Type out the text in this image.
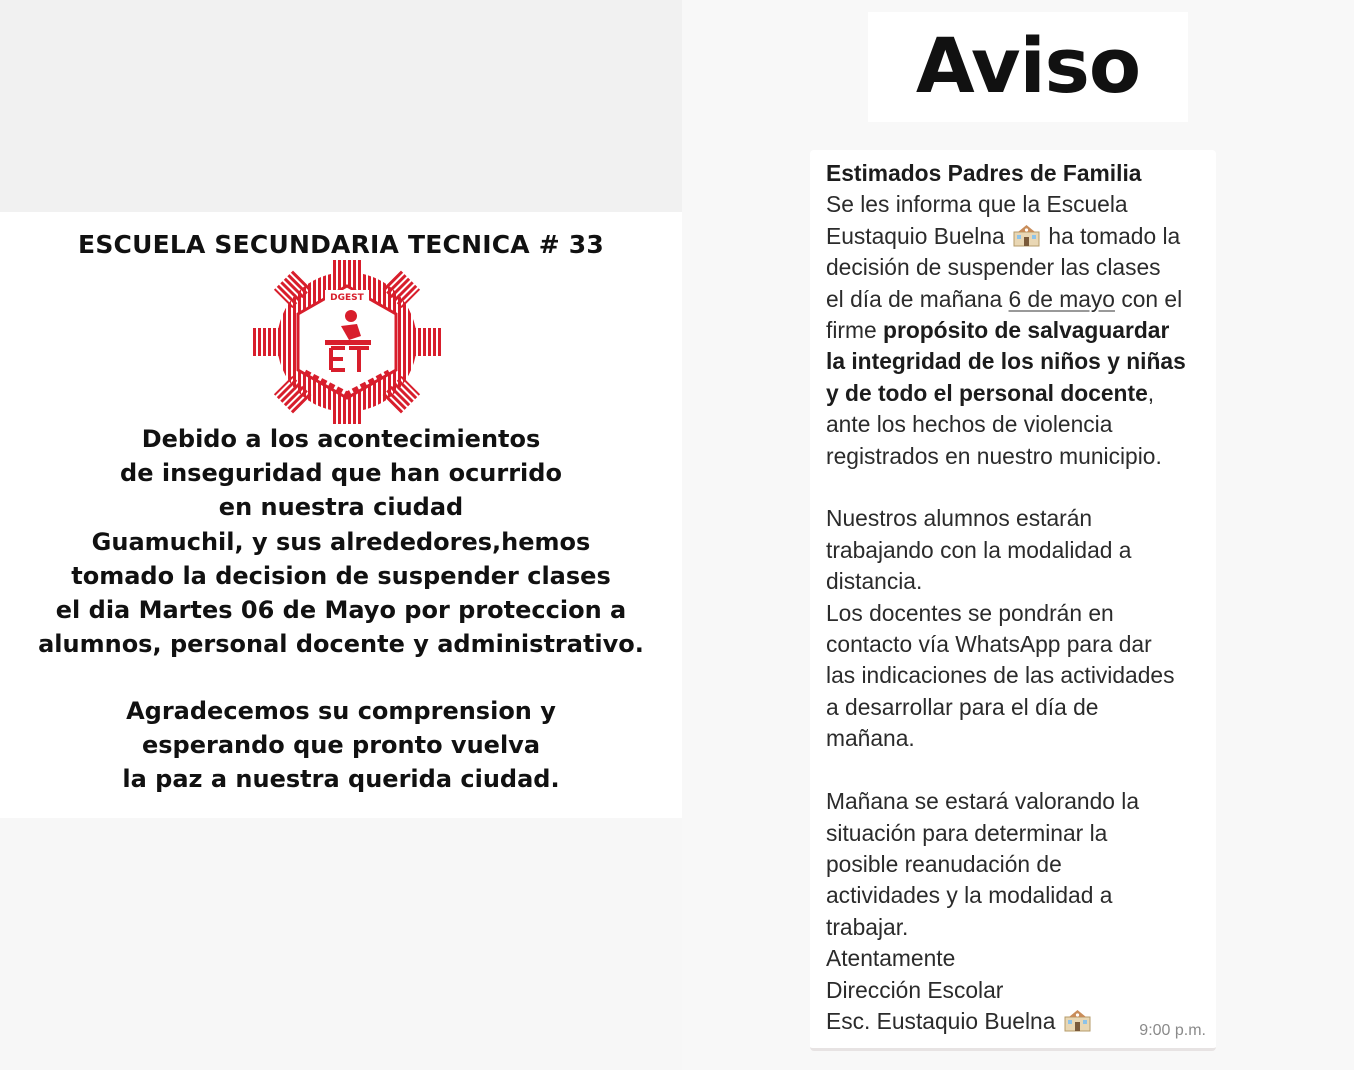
ESCUELA SECUNDARIA TECNICA # 33
DGEST
Debido a los acontecimientos
de inseguridad que han ocurrido
en nuestra ciudad
Guamuchil, y sus alrededores,hemos
tomado la decision de suspender clases
el dia Martes 06 de Mayo por proteccion a
alumnos, personal docente y administrativo.
Agradecemos su comprension y
esperando que pronto vuelva
la paz a nuestra querida ciudad.
Aviso
Estimados Padres de Familia
Se les informa que la Escuela
Eustaquio Buelna ha tomado la
decisión de suspender las clases
el día de mañana 6 de mayo con el
firme propósito de salvaguardar
la integridad de los niños y niñas
y de todo el personal docente,
ante los hechos de violencia
registrados en nuestro municipio.
Nuestros alumnos estarán
trabajando con la modalidad a
distancia.
Los docentes se pondrán en
contacto vía WhatsApp para dar
las indicaciones de las actividades
a desarrollar para el día de
mañana.
Mañana se estará valorando la
situación para determinar la
posible reanudación de
actividades y la modalidad a
trabajar.
Atentamente
Dirección Escolar
Esc. Eustaquio Buelna	9:00 p.m.
